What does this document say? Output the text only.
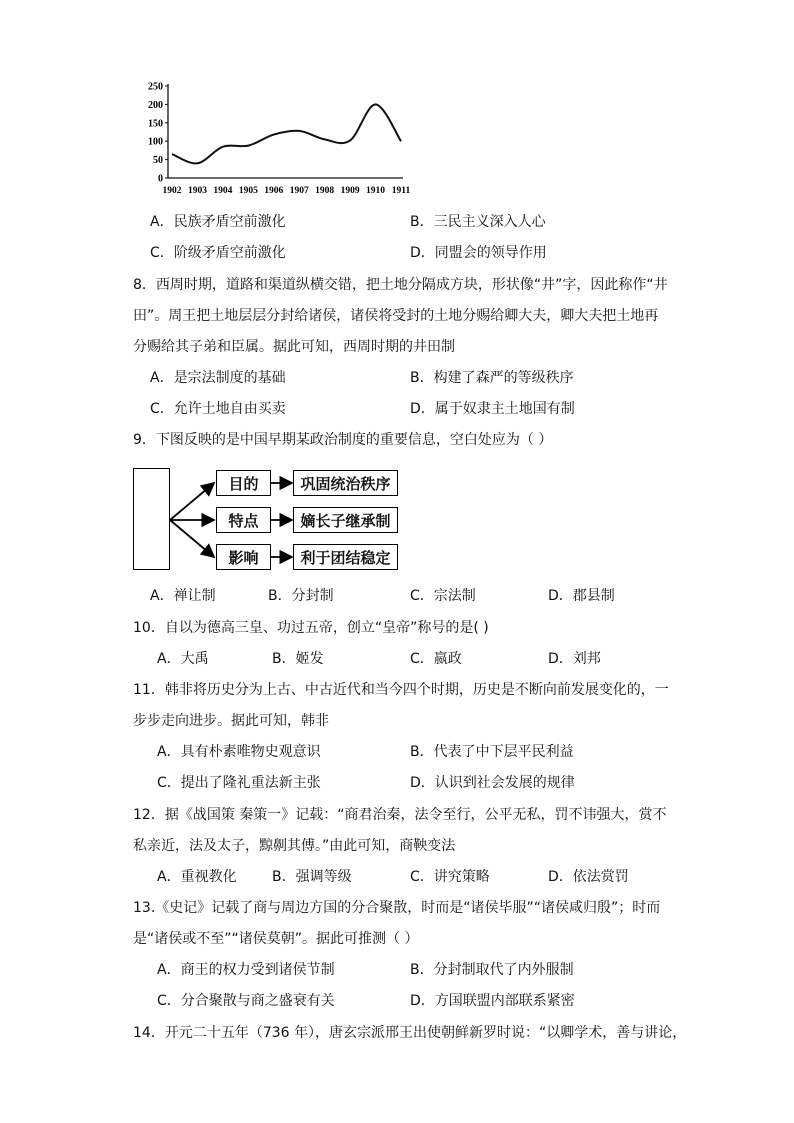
250
200
150
100
50
0
1902 1903 1904 1905 1906 1907 1908 1909 1910 1911
A．民族矛盾空前激化	B．三民主义深入人心
C．阶级矛盾空前激化	D．同盟会的领导作用
8．西周时期，道路和渠道纵横交错，把土地分隔成方块，形状像“井”字，因此称作“井
田”。周王把土地层层分封给诸侯，诸侯将受封的土地分赐给卿大夫，卿大夫把土地再
分赐给其子弟和臣属。据此可知，西周时期的井田制
A．是宗法制度的基础	B．构建了森严的等级秩序
C．允许土地自由买卖	D．属于奴隶主土地国有制
9．下图反映的是中国早期某政治制度的重要信息，空白处应为（ ）
目的
特点
影响
巩固统治秩序
嫡长子继承制
利于团结稳定
A．禅让制	B．分封制	C．宗法制	D．郡县制
10．自以为德高三皇、功过五帝，创立“皇帝”称号的是( )
A．大禹	B．姬发	C．嬴政	D．刘邦
11．韩非将历史分为上古、中古近代和当今四个时期，历史是不断向前发展变化的，一
步步走向进步。据此可知，韩非
A．具有朴素唯物史观意识	B．代表了中下层平民利益
C．提出了隆礼重法新主张	D．认识到社会发展的规律
12．据《战国策 秦策一》记载：“商君治秦，法令至行，公平无私，罚不讳强大，赏不
私亲近，法及太子，黥劓其傅。”由此可知，商鞅变法
A．重视教化	B．强调等级	C．讲究策略	D．依法赏罚
13.《史记》记载了商与周边方国的分合聚散，时而是“诸侯毕服”“诸侯咸归殷”；时而
是“诸侯或不至”“诸侯莫朝”。据此可推测（ ）
A．商王的权力受到诸侯节制	B．分封制取代了内外服制
C．分合聚散与商之盛衰有关	D．方国联盟内部联系紧密
14．开元二十五年（736 年），唐玄宗派邢王出使朝鲜新罗时说：“以卿学术，善与讲论，
